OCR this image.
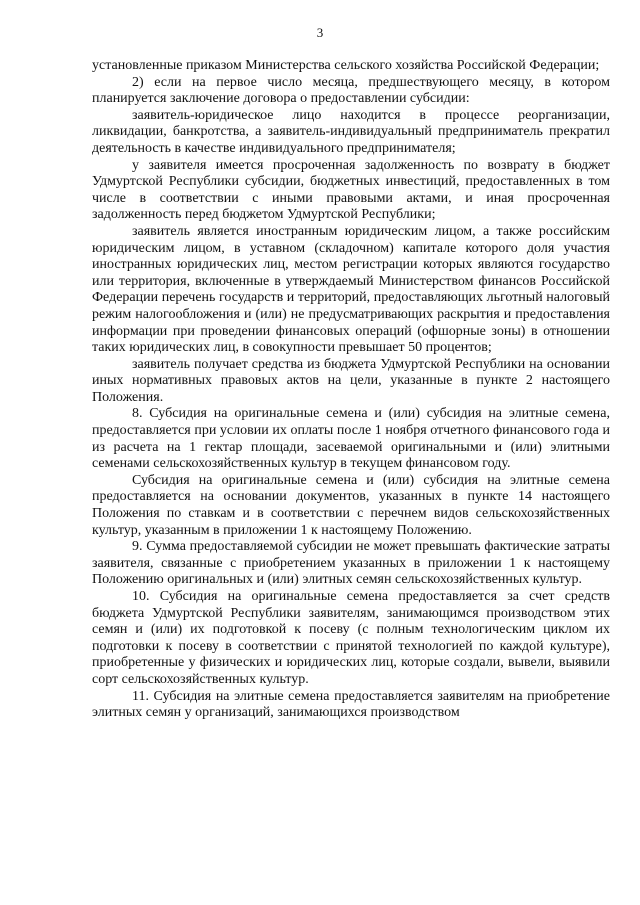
3

установленные приказом Министерства сельского хозяйства Российской Федерации;

2) если на первое число месяца, предшествующего месяцу, в котором планируется заключение договора о предоставлении субсидии:

заявитель-юридическое лицо находится в процессе реорганизации, ликвидации, банкротства, а заявитель-индивидуальный предприниматель прекратил деятельность в качестве индивидуального предпринимателя;

у заявителя имеется просроченная задолженность по возврату в бюджет Удмуртской Республики субсидии, бюджетных инвестиций, предоставленных в том числе в соответствии с иными правовыми актами, и иная просроченная задолженность перед бюджетом Удмуртской Республики;

заявитель является иностранным юридическим лицом, а также российским юридическим лицом, в уставном (складочном) капитале которого доля участия иностранных юридических лиц, местом регистрации которых являются государство или территория, включенные в утверждаемый Министерством финансов Российской Федерации перечень государств и территорий, предоставляющих льготный налоговый режим налогообложения и (или) не предусматривающих раскрытия и предоставления информации при проведении финансовых операций (офшорные зоны) в отношении таких юридических лиц, в совокупности превышает 50 процентов;

заявитель получает средства из бюджета Удмуртской Республики на основании иных нормативных правовых актов на цели, указанные в пункте 2 настоящего Положения.

8. Субсидия на оригинальные семена и (или) субсидия на элитные семена, предоставляется при условии их оплаты после 1 ноября отчетного финансового года и из расчета на 1 гектар площади, засеваемой оригинальными и (или) элитными семенами сельскохозяйственных культур в текущем финансовом году.

Субсидия на оригинальные семена и (или) субсидия на элитные семена предоставляется на основании документов, указанных в пункте 14 настоящего Положения по ставкам и в соответствии с перечнем видов сельскохозяйственных культур, указанным в приложении 1 к настоящему Положению.

9. Сумма предоставляемой субсидии не может превышать фактические затраты заявителя, связанные с приобретением указанных в приложении 1 к настоящему Положению оригинальных и (или) элитных семян сельскохозяйственных культур.

10. Субсидия на оригинальные семена предоставляется за счет средств бюджета Удмуртской Республики заявителям, занимающимся производством этих семян и (или) их подготовкой к посеву (с полным технологическим циклом их подготовки к посеву в соответствии с принятой технологией по каждой культуре), приобретенные у физических и юридических лиц, которые создали, вывели, выявили сорт сельскохозяйственных культур.

11. Субсидия на элитные семена предоставляется заявителям на приобретение элитных семян у организаций, занимающихся производством
